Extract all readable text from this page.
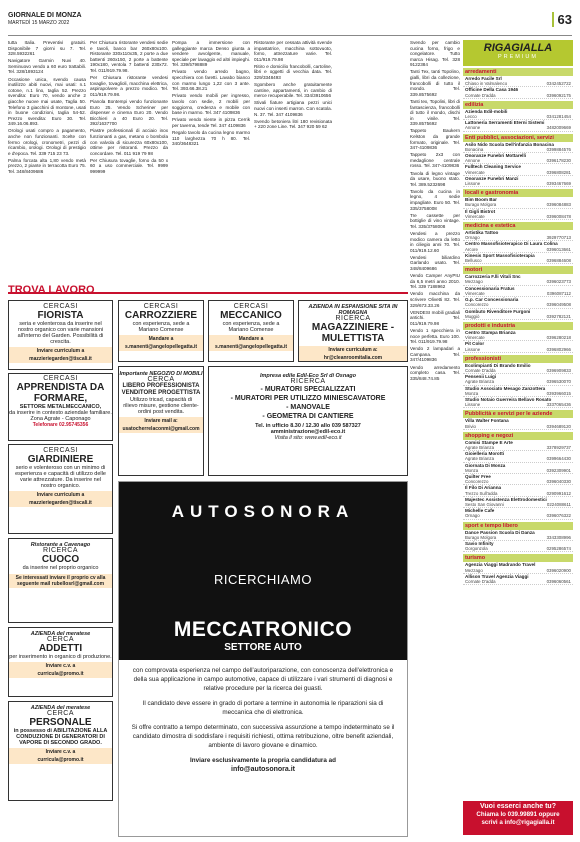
GIORNALE DI MONZA
MARTEDÌ 15 MARZO 2022	63

tutta Italia. Preventivi gratuiti. Disponibile 7 giorni su 7. Tel. 328.5932261

Navigatore Garmin Nuvi 40. Seminuovo vendo a 60 euro trattabili. Tel. 328/1893124

Occasione unica, svendo causa inutilizzo abiti nuovi, mai usati: n.1 cotone, n.1 lino, taglia 52. Prezzo svendita: Euro 70, vendo anche 2 giacche nuove mai usate, Taglia 50. Telefono 3 giacchini di montone, usati in buone condizioni, taglia 54-52. Prezzo svendita: Euro 30. Tel. 349.16.06.893.

Orologi usati compro a pagamento, anche non funzionanti. Scelte con fermo orologi, cronometri, pezzi di ricambio, orologi. Orologi di prestigio e d'epoca. Tel. 339 715 23 73.

Palma forcata alta 1,80 vendo metà prezzo, 2 piante in terracotta Euro 75. Tel. 348/8409686

Per Chiusura ristorante vendesi sedie e tavoli, banco bar 260x80x100. Ristorante 330x110x35, 2 porte a due battenti 260x150, 2 porte a battente 190x180, ventola 7 battenti 230x72. Tel. 011/919.79.98.

Per Chiusura ristorante vendesi tovaglie, tovaglioli, macchina elettrica, aspirapolvere a prezzo modico. Tel. 011/919.79.98.

Pianola Bontempi vendo funzionante Euro 25. Vendo Scheriner per dispenser e cinema Euro 20. Vendo Bicchieri a 40 Euro 20. Tel. 392/1637700

Piastre professionali di acciaio inox funzionanti a gas, metano o bombola con valvola di sicurezza 60x80x100, ottime per ristoranti. Prezzo da concordare. Tel. 011 919 79 98

Per Chiusura tovaglie, forno da 50 x 60 a uso commerciale. Tel. 9999 999999

Pompa a immersione con galleggiante marca Denso giunta a vendere avvolgente, manuale, speciale per lavaggio ed altri impieghi. Tel. 339/5798889

Privato vendo arredo bagno, specchiera con faretti. Lavabo bianco con marmo lungo 1,22 con 3 ante. Tel. 393.66.38.21

Privato vendo mobili per ingresso, tavolo con sedie, 2 mobili per soggiorno, credenza e mobile con base in marmo. Tel. 347 4109836

Privato vendo niente in pizza Cerrik per taverna, tende Tel. 347 4109836

Regalo tavolo da cucina legno marmo 110 larghezza 70 h 80. Tel. 340/3648321

Ristorante per cessata attività svende impastatrice, macchina sottovuoto, forno, attrezzature varie. Tel. 011/919.79.98

Ritiro e domicilio francobolli, cartoline, libri e oggetti di vecchia data. Tel. 329/3348493

Sgombero anche gratuitamente cantine, appartamenti, in cambio di merce recuperabile. Tel. 334/3910656

Stivali fiature artigiana pezzi unici nuovi con inserti marron. Con scatola. N. 37. Tel. 347 4109836

Svendo betoniera litri 180 revisionata + 220 zone Line. Tel. 347 920 59 62

Svendo per cambio cucina forno, frigo e congelatore. Tutto marca Hisag. Tel. 328 9122384

Tanti Tex, tanti Topolino, gialli, libri da collezione, francobolli di tutto il mondo. Tel. 339.8575692

Tanti tex, Topolini, libri di fantascienza, francobolli di tutto il mondo, dischi in vinile. Tel. 339.8575692

Tappeto Baukern Kelston da grande formato, originale. Tel. 347-4109836

Tappeto 2x3 con medaglione centrale rosso. Tel. 347-4109836

Tavola di legno vintage da usare, buono stato. Tel. 389.5232698

Tavolo da cucina in legno, 4 sedie impagliate. Euro 50. Tel. 335/3758008

Tre cassette per bottiglie di vino vintage. Tel. 335/3758008

Vendesi a prezzo modico camera da letto in ciliegio anni 70. Tel. 011/919.12.60

Vendesi biliardino Garlando usato. Tel. 348/8409686

Vendo Camper AnyPIU da 6,5 metri anno 2010. Tel. 339 7188962

Vendo macchina da scrivere Olivetti 82. Tel. 329/673.33.26

VENDESI mobili gradiali antichi. Tel. 011/919.79.98

Vendo 1 specchiera in noce perfetta. Euro 100. Tel. 011/919.79.98

Vendo 2 lampadari a Campana. Tel. 347/4109836

Vendo arredamento completo casa. Tel. 335/848.74.85

TROVA LAVORO
CERCASI
FIORISTA
seria e volenterosa da inserire nel nostro organico con varie mansioni all'interno del Garden. Possibilità di crescita.
Inviare curriculum a
mazzieriegarden@tiscali.it
CERCASI
APPRENDISTA DA FORMARE,
SETTORE METALMECCANICO,
da inserire in contesto aziendale familiare.
Zona Agrate - Caponago
Telefonare 02.95745356
CERCASI
GIARDINIERE
serio e volenteroso con un minimo di esperienza e capacità di utilizzo delle varie attrezzature. Da inserire nel nostro organico.
Inviare curriculum a
mazzieriegarden@tiscali.it
Ristorante a Cavenago
RICERCA
CUOCO
da inserire nel proprio organico
Se interessati inviare il proprio cv alla seguente mail rubellosrl@gmail.com
AZIENDA del meratese
CERCA
ADDETTI
per inserimento in organico di produzione.
Inviare c.v. a
curricula@promo.it
AZIENDA del meratese
CERCA
PERSONALE
in possesso di ABILITAZIONE ALLA CONDUZIONE DI GENERATORI DI VAPORE DI SECONDO GRADO.
Inviare c.v. a
curricula@promo.it
CERCASI
CARROZZIERE
con esperienza, sede a
Mariano Comense
Mandare a
s.manenti@angelopellegatta.it
CERCASI
MECCANICO
con esperienza, sede a
Mariano Comense
Mandare a
s.manenti@angelopellegatta.it
AZIENDA IN ESPANSIONE SITA IN ROMAGNA
RICERCA
MAGAZZINIERE -MULETTISTA
Inviare curriculum a:
hr@cleanroomitalia.com
Importante NEGOZIO DI MOBILI
CERCA
LIBERO PROFESSIONISTA VENDITORE PROGETTISTA
Utilizzo tricad, capacità di rilievo misure, gestione cliente-ordini post vendita.
Inviare mail a:
usatocherrelaconmi@gmail.com
Impresa edile Edil-Eco Srl di Osnago
RICERCA
- MURATORI SPECIALIZZATI
- MURATORI PER UTILIZZO MINIESCAVATORE
- MANOVALE
- GEOMETRA DI CANTIERE
Tel. in ufficio 8.30 / 12.30 allo 039 587327
amministrazione@edil-eco.it
Visita il sito: www.edil-eco.it
AUTOSONORA
RICERCHIAMO
MECCATRONICO
SETTORE AUTO

con comprovata esperienza nel campo dell'autoriparazione, con conoscenza dell'elettronica e della sua applicazione in campo automotive, capace di utilizzare i vari strumenti di diagnosi e relative procedure per la ricerca dei guasti.

Il candidato deve essere in grado di portare a termine in autonomia le riparazioni sia di meccanica che di elettronica.

Si offre contratto a tempo determinato, con successiva assunzione a tempo indeterminato se il candidato dimostra di soddisfare i requisiti richiesti, ottima retribuzione, oltre benefit aziendali, ambiente di lavoro giovane e dinamico.

Inviare esclusivamente la propria candidatura ad

info@autosonora.it
RIGAGIALLA
PREMIUM
arredamenti
Arredo Facile Srl
Chiaso in Valmalenco	0342452722
Officine Della Casa 1946
Cornate D'adda	0396092175
edilizia
Azienda Edil-mobili
Lecco	0341281454
Lattoneria Serramenti Eterni Sistemi
Annone	3482009669
Enti pubblici, associazioni, servizi
Asilo Nido Scuola Dell'infanzia Bonacina
Bonacina	0399884576
Onoranze Funebri Mottarelli
Annone	0396178230
Fulltech Cleaning Service
Vimercate	0396808281
Onoranze Funebri Manzi
Lissone	0393467669
locali e gastronomia
Bim Boom Bar
Burago Molgora	0396084883
Il Gigli Bistrot
Vimercate	0396008478
medicina e estetica
Artistika Tattoo
Ornago	3929770713
Centro Massofisioterapico Di Laura Colina
Arcore	0396013661
Kinesis Sport Massofisioterapia
Bellusco	0396884608
motori
Carrozzeria F.lli Vitali Snc
Mezzago	0396023773
Concessionaria Fratus
Vimercate	0396087112
G.p. Car Concessionaria
Concorezzo	0396049508
Gombuto Rivenditore Furgoni
Muggiò	0392782121
prodotti e industria
Centro Stampa Brianza
Vimercate	0396280218
Pit Color
Lissone	0396802966
professionisti
Ecolimpianti Di Brando Emilio
Cornate D'adda	0396909833
Pensenii Luigi
Agrate Brianza	0396530070
Studio Associato Mesago Zanzottera
Monza	0393966015
Studio Notaio Guerreira Bellavo Rosato
Lissone	3337065436
Pubblicità e servizi per le aziende
Villa Walter Fontana
Brivio	0394689120
shopping e negozi
Comisi Stampe E Arte
Agrate Brianza	3378929737
Gioielleria Morotti
Agrate Brianza	0399664430
Giornata Di Monza
Monza	0392309901
Quilter Free
Concorezzo	0396040330
Il Filo Di Arianna
Trezzo Sull'adda	0290991612
Majestec Assistenza Elettrodomestici
Sesto San Giovanni	0224088611
Michelle Cafe
Ornago	0396076322
sport e tempo libero
Dance Passion Scuola Di Danza
Burago Molgora	3343308996
Savio Infinity
Gorgonzola	0295286574
turismo
Agenzia Viaggi Madrando Travel
Mezzago	0396020900
Allison Travel Agenzia Viaggi
Cornate D'adda	0396060561
Vuoi esserci anche tu?
Chiama lo 039.99891 oppure
scrivi a info@rigagialla.it
